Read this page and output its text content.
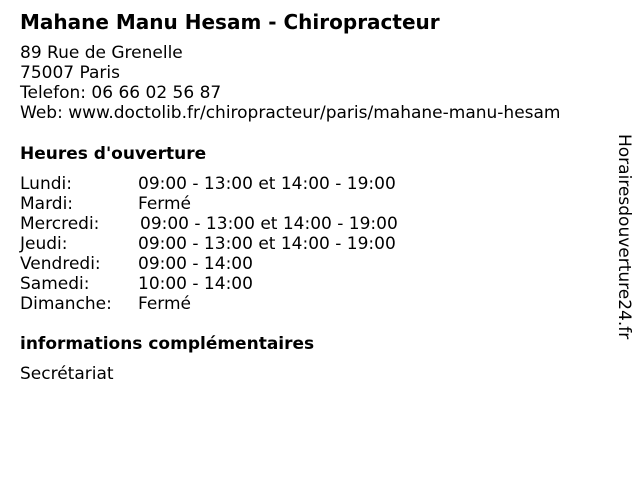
Mahane Manu Hesam - Chiropracteur
89 Rue de Grenelle
75007 Paris
Telefon: 06 66 02 56 87
Web: www.doctolib.fr/chiropracteur/paris/mahane-manu-hesam
Heures d'ouverture
Lundi:	09:00 - 13:00 et 14:00 - 19:00
Mardi:	Fermé
Mercredi: 09:00 - 13:00 et 14:00 - 19:00
Jeudi:	09:00 - 13:00 et 14:00 - 19:00
Vendredi: 09:00 - 14:00
Samedi:	10:00 - 14:00
Dimanche: Fermé
informations complémentaires
Secrétariat
Horairesdouverture24.fr
